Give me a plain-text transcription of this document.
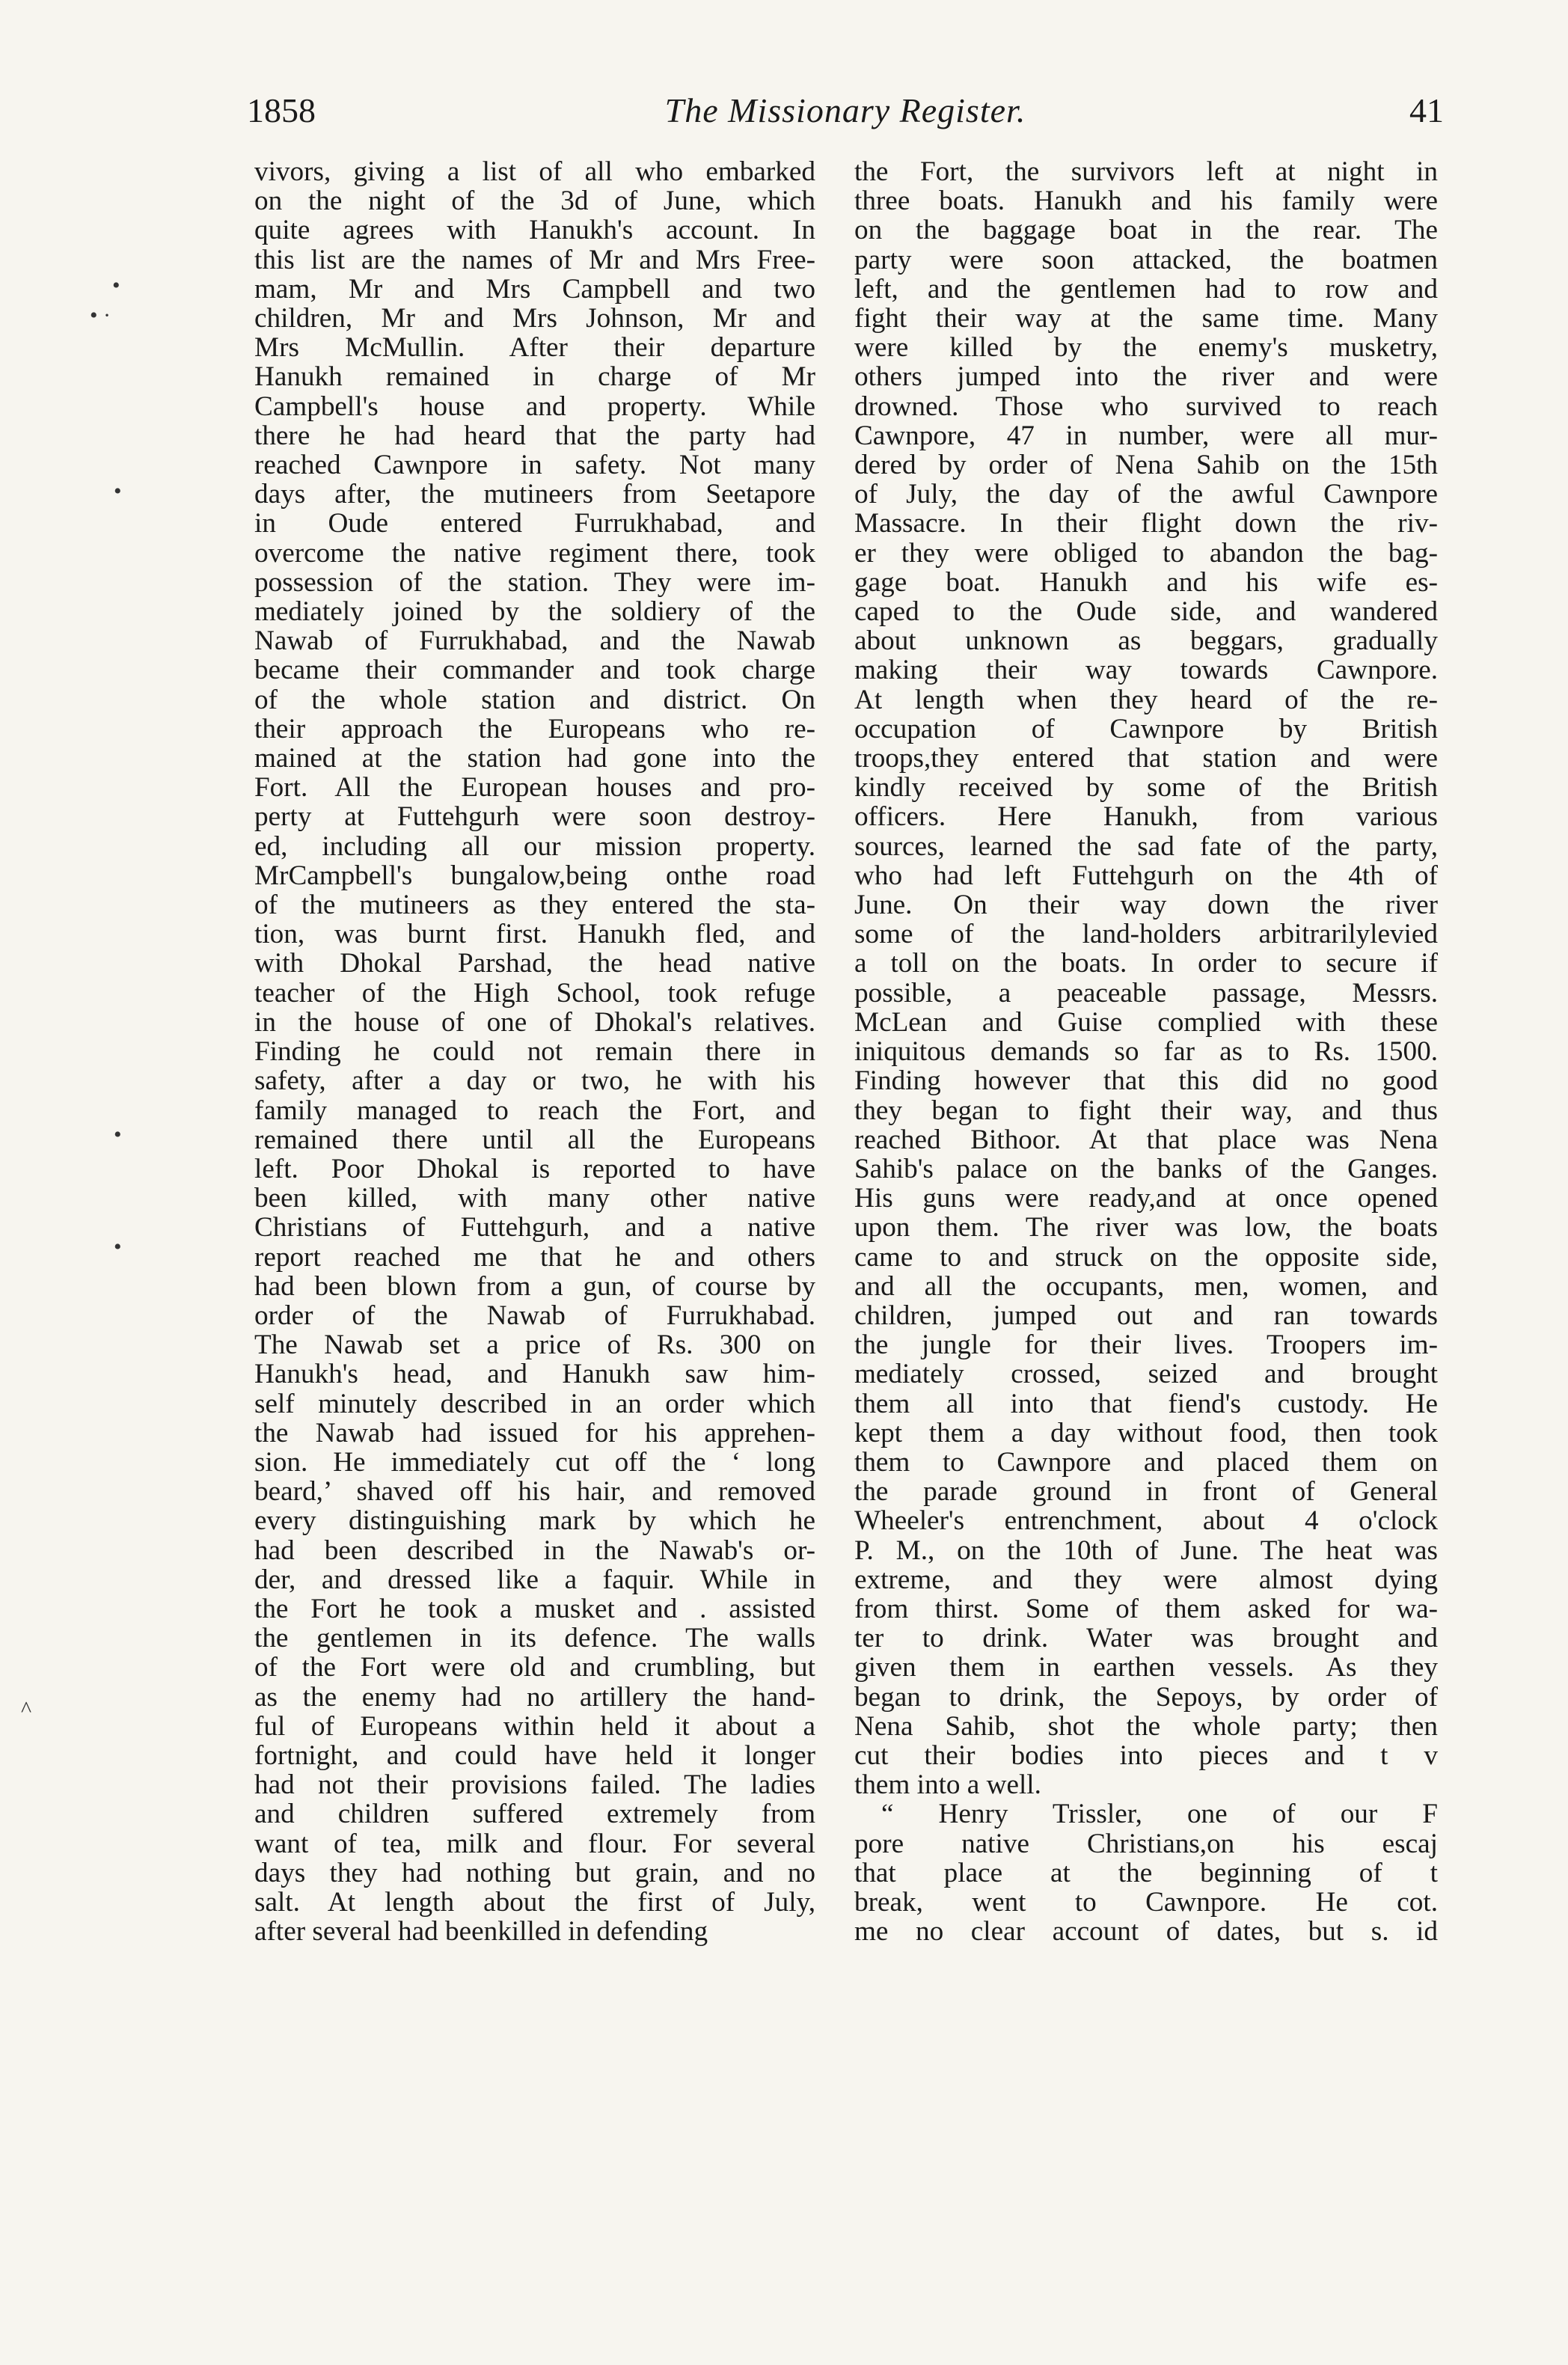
1858	The Missionary Register.	41
•
• ·
•
•
•
^
vivors, giving a list of all who embarked
on the night of the 3d of June, which
quite agrees with Hanukh's account. In
this list are the names of Mr and Mrs Free-
mam, Mr and Mrs Campbell and two
children, Mr and Mrs Johnson, Mr and
Mrs McMullin. After their departure
Hanukh remained in charge of Mr
Campbell's house and property. While
there he had heard that the party had
reached Cawnpore in safety. Not many
days after, the mutineers from Seetapore
in Oude entered Furrukhabad, and
overcome the native regiment there, took
possession of the station. They were im-
mediately joined by the soldiery of the
Nawab of Furrukhabad, and the Nawab
became their commander and took charge
of the whole station and district. On
their approach the Europeans who re-
mained at the station had gone into the
Fort. All the European houses and pro-
perty at Futtehgurh were soon destroy-
ed, including all our mission property.
MrCampbell's bungalow,being onthe road
of the mutineers as they entered the sta-
tion, was burnt first. Hanukh fled, and
with Dhokal Parshad, the head native
teacher of the High School, took refuge
in the house of one of Dhokal's relatives.
Finding he could not remain there in
safety, after a day or two, he with his
family managed to reach the Fort, and
remained there until all the Europeans
left. Poor Dhokal is reported to have
been killed, with many other native
Christians of Futtehgurh, and a native
report reached me that he and others
had been blown from a gun, of course by
order of the Nawab of Furrukhabad.
The Nawab set a price of Rs. 300 on
Hanukh's head, and Hanukh saw him-
self minutely described in an order which
the Nawab had issued for his apprehen-
sion. He immediately cut off the ‘ long
beard,’ shaved off his hair, and removed
every distinguishing mark by which he
had been described in the Nawab's or-
der, and dressed like a faquir. While in
the Fort he took a musket and . assisted
the gentlemen in its defence. The walls
of the Fort were old and crumbling, but
as the enemy had no artillery the hand-
ful of Europeans within held it about a
fortnight, and could have held it longer
had not their provisions failed. The ladies
and children suffered extremely from
want of tea, milk and flour. For several
days they had nothing but grain, and no
salt. At length about the first of July,
after several had beenkilled in defending
the Fort, the survivors left at night in
three boats. Hanukh and his family were
on the baggage boat in the rear. The
party were soon attacked, the boatmen
left, and the gentlemen had to row and
fight their way at the same time. Many
were killed by the enemy's musketry,
others jumped into the river and were
drowned. Those who survived to reach
Cawnpore, 47 in number, were all mur-
dered by order of Nena Sahib on the 15th
of July, the day of the awful Cawnpore
Massacre. In their flight down the riv-
er they were obliged to abandon the bag-
gage boat. Hanukh and his wife es-
caped to the Oude side, and wandered
about unknown as beggars, gradually
making their way towards Cawnpore.
At length when they heard of the re-
occupation of Cawnpore by British
troops,they entered that station and were
kindly received by some of the British
officers. Here Hanukh, from various
sources, learned the sad fate of the party,
who had left Futtehgurh on the 4th of
June. On their way down the river
some of the land-holders arbitrarilylevied
a toll on the boats. In order to secure if
possible, a peaceable passage, Messrs.
McLean and Guise complied with these
iniquitous demands so far as to Rs. 1500.
Finding however that this did no good
they began to fight their way, and thus
reached Bithoor. At that place was Nena
Sahib's palace on the banks of the Ganges.
His guns were ready,and at once opened
upon them. The river was low, the boats
came to and struck on the opposite side,
and all the occupants, men, women, and
children, jumped out and ran towards
the jungle for their lives. Troopers im-
mediately crossed, seized and brought
them all into that fiend's custody. He
kept them a day without food, then took
them to Cawnpore and placed them on
the parade ground in front of General
Wheeler's entrenchment, about 4 o'clock
P. M., on the 10th of June. The heat was
extreme, and they were almost dying
from thirst. Some of them asked for wa-
ter to drink. Water was brought and
given them in earthen vessels. As they
began to drink, the Sepoys, by order of
Nena Sahib, shot the whole party; then
cut their bodies into pieces and t v
them into a well.
“ Henry Trissler, one of our F
pore native Christians,on his escaj
that place at the beginning of t
break, went to Cawnpore. He cot.
me no clear account of dates, but s. id
